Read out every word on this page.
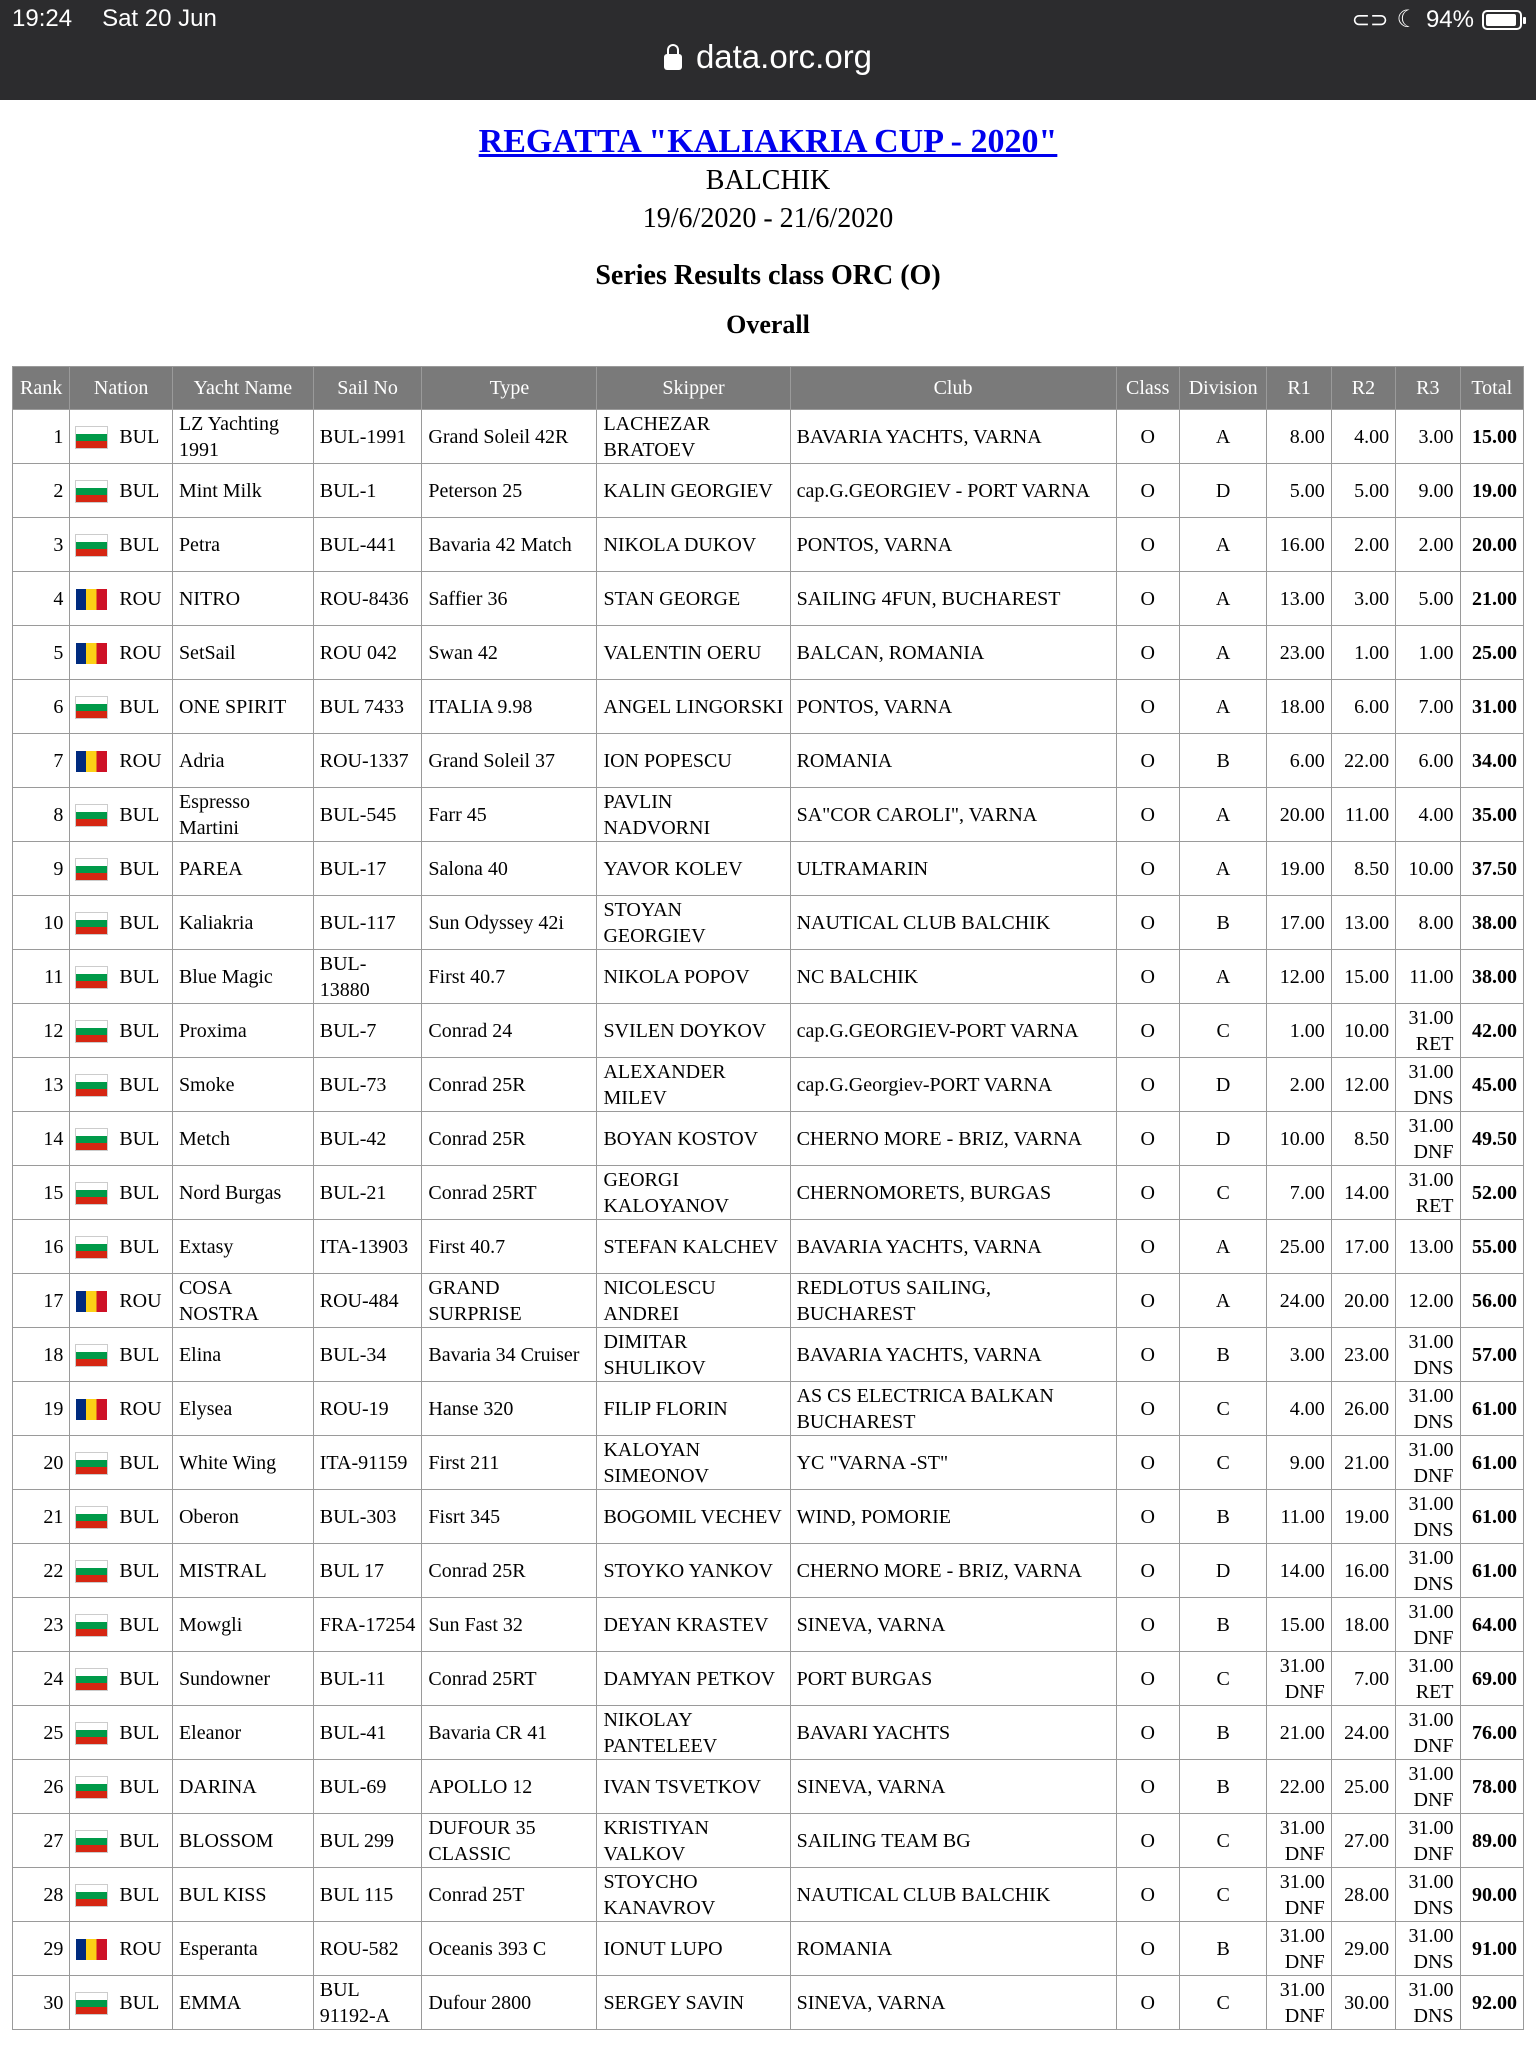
19:24 Sat 20 Jun	⊂⊃ ☾ 94%
data.orc.org
REGATTA "KALIAKRIA CUP - 2020"
BALCHIK
19/6/2020 - 21/6/2020
Series Results class ORC (O)
Overall
Rank	Nation	Yacht Name	Sail No	Type	Skipper	Club	Class	Division	R1	R2	R3	Total
1	BUL	LZ Yachting 1991	BUL-1991	Grand Soleil 42R	LACHEZAR BRATOEV	BAVARIA YACHTS, VARNA	O	A	8.00	4.00	3.00	15.00
2	BUL	Mint Milk	BUL-1	Peterson 25	KALIN GEORGIEV	cap.G.GEORGIEV - PORT VARNA	O	D	5.00	5.00	9.00	19.00
3	BUL	Petra	BUL-441	Bavaria 42 Match	NIKOLA DUKOV	PONTOS, VARNA	O	A	16.00	2.00	2.00	20.00
4	ROU	NITRO	ROU-8436	Saffier 36	STAN GEORGE	SAILING 4FUN, BUCHAREST	O	A	13.00	3.00	5.00	21.00
5	ROU	SetSail	ROU 042	Swan 42	VALENTIN OERU	BALCAN, ROMANIA	O	A	23.00	1.00	1.00	25.00
6	BUL	ONE SPIRIT	BUL 7433	ITALIA 9.98	ANGEL LINGORSKI	PONTOS, VARNA	O	A	18.00	6.00	7.00	31.00
7	ROU	Adria	ROU-1337	Grand Soleil 37	ION POPESCU	ROMANIA	O	B	6.00	22.00	6.00	34.00
8	BUL	Espresso Martini	BUL-545	Farr 45	PAVLIN NADVORNI	SA"COR CAROLI", VARNA	O	A	20.00	11.00	4.00	35.00
9	BUL	PAREA	BUL-17	Salona 40	YAVOR KOLEV	ULTRAMARIN	O	A	19.00	8.50	10.00	37.50
10	BUL	Kaliakria	BUL-117	Sun Odyssey 42i	STOYAN GEORGIEV	NAUTICAL CLUB BALCHIK	O	B	17.00	13.00	8.00	38.00
11	BUL	Blue Magic	BUL-13880	First 40.7	NIKOLA POPOV	NC BALCHIK	O	A	12.00	15.00	11.00	38.00
12	BUL	Proxima	BUL-7	Conrad 24	SVILEN DOYKOV	cap.G.GEORGIEV-PORT VARNA	O	C	1.00	10.00	31.00 RET	42.00
13	BUL	Smoke	BUL-73	Conrad 25R	ALEXANDER MILEV	cap.G.Georgiev-PORT VARNA	O	D	2.00	12.00	31.00 DNS	45.00
14	BUL	Metch	BUL-42	Conrad 25R	BOYAN KOSTOV	CHERNO MORE - BRIZ, VARNA	O	D	10.00	8.50	31.00 DNF	49.50
15	BUL	Nord Burgas	BUL-21	Conrad 25RT	GEORGI KALOYANOV	CHERNOMORETS, BURGAS	O	C	7.00	14.00	31.00 RET	52.00
16	BUL	Extasy	ITA-13903	First 40.7	STEFAN KALCHEV	BAVARIA YACHTS, VARNA	O	A	25.00	17.00	13.00	55.00
17	ROU	COSA NOSTRA	ROU-484	GRAND SURPRISE	NICOLESCU ANDREI	REDLOTUS SAILING, BUCHAREST	O	A	24.00	20.00	12.00	56.00
18	BUL	Elina	BUL-34	Bavaria 34 Cruiser	DIMITAR SHULIKOV	BAVARIA YACHTS, VARNA	O	B	3.00	23.00	31.00 DNS	57.00
19	ROU	Elysea	ROU-19	Hanse 320	FILIP FLORIN	AS CS ELECTRICA BALKAN BUCHAREST	O	C	4.00	26.00	31.00 DNS	61.00
20	BUL	White Wing	ITA-91159	First 211	KALOYAN SIMEONOV	YC "VARNA -ST"	O	C	9.00	21.00	31.00 DNF	61.00
21	BUL	Oberon	BUL-303	Fisrt 345	BOGOMIL VECHEV	WIND, POMORIE	O	B	11.00	19.00	31.00 DNS	61.00
22	BUL	MISTRAL	BUL 17	Conrad 25R	STOYKO YANKOV	CHERNO MORE - BRIZ, VARNA	O	D	14.00	16.00	31.00 DNS	61.00
23	BUL	Mowgli	FRA-17254	Sun Fast 32	DEYAN KRASTEV	SINEVA, VARNA	O	B	15.00	18.00	31.00 DNF	64.00
24	BUL	Sundowner	BUL-11	Conrad 25RT	DAMYAN PETKOV	PORT BURGAS	O	C	31.00 DNF	7.00	31.00 RET	69.00
25	BUL	Eleanor	BUL-41	Bavaria CR 41	NIKOLAY PANTELEEV	BAVARI YACHTS	O	B	21.00	24.00	31.00 DNF	76.00
26	BUL	DARINA	BUL-69	APOLLO 12	IVAN TSVETKOV	SINEVA, VARNA	O	B	22.00	25.00	31.00 DNF	78.00
27	BUL	BLOSSOM	BUL 299	DUFOUR 35 CLASSIC	KRISTIYAN VALKOV	SAILING TEAM BG	O	C	31.00 DNF	27.00	31.00 DNF	89.00
28	BUL	BUL KISS	BUL 115	Conrad 25T	STOYCHO KANAVROV	NAUTICAL CLUB BALCHIK	O	C	31.00 DNF	28.00	31.00 DNS	90.00
29	ROU	Esperanta	ROU-582	Oceanis 393 C	IONUT LUPO	ROMANIA	O	B	31.00 DNF	29.00	31.00 DNS	91.00
30	BUL	EMMA	BUL 91192-A	Dufour 2800	SERGEY SAVIN	SINEVA, VARNA	O	C	31.00 DNF	30.00	31.00 DNS	92.00
